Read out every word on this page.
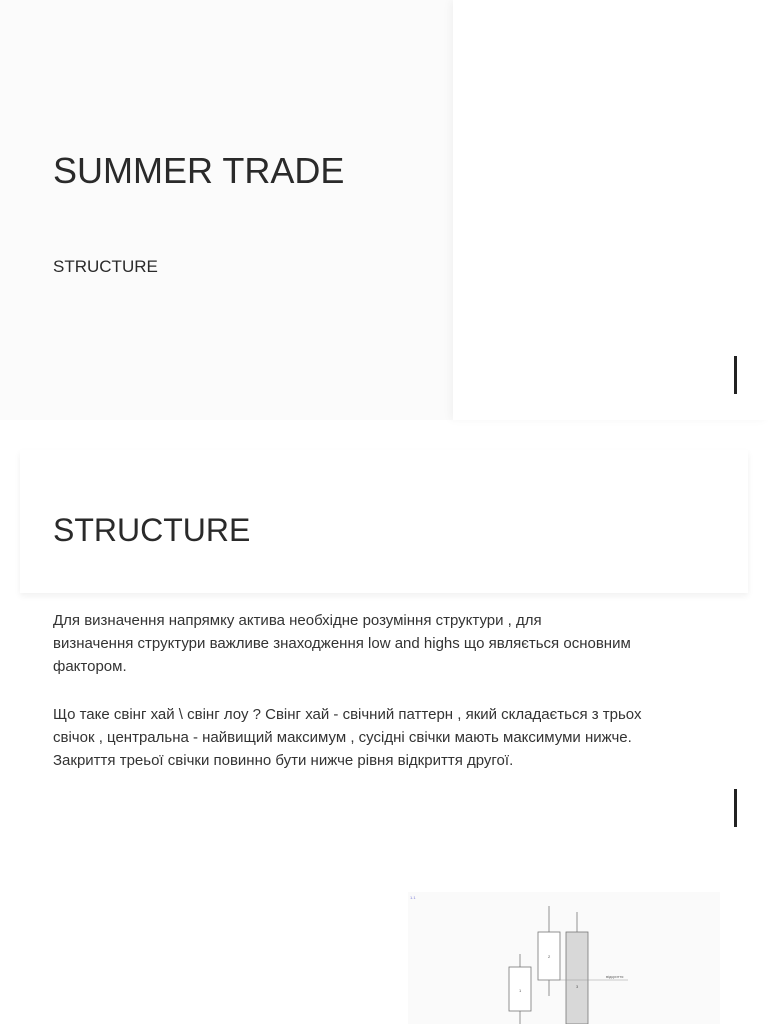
SUMMER TRADE
STRUCTURE
STRUCTURE
Для визначення напрямку актива необхідне розуміння структури , для
визначення структури важливе знаходження low and highs що являється основним
фактором.
Що таке свінг хай \ свінг лоу ? Свінг хай - свічний паттерн , який складається з трьох
свічок , центральна - найвищий максимум , сусідні свічки мають максимуми нижче.
Закриття треьої свічки повинно бути нижче рівня відкриття другої.
1.1
1
2
3
відкриття
